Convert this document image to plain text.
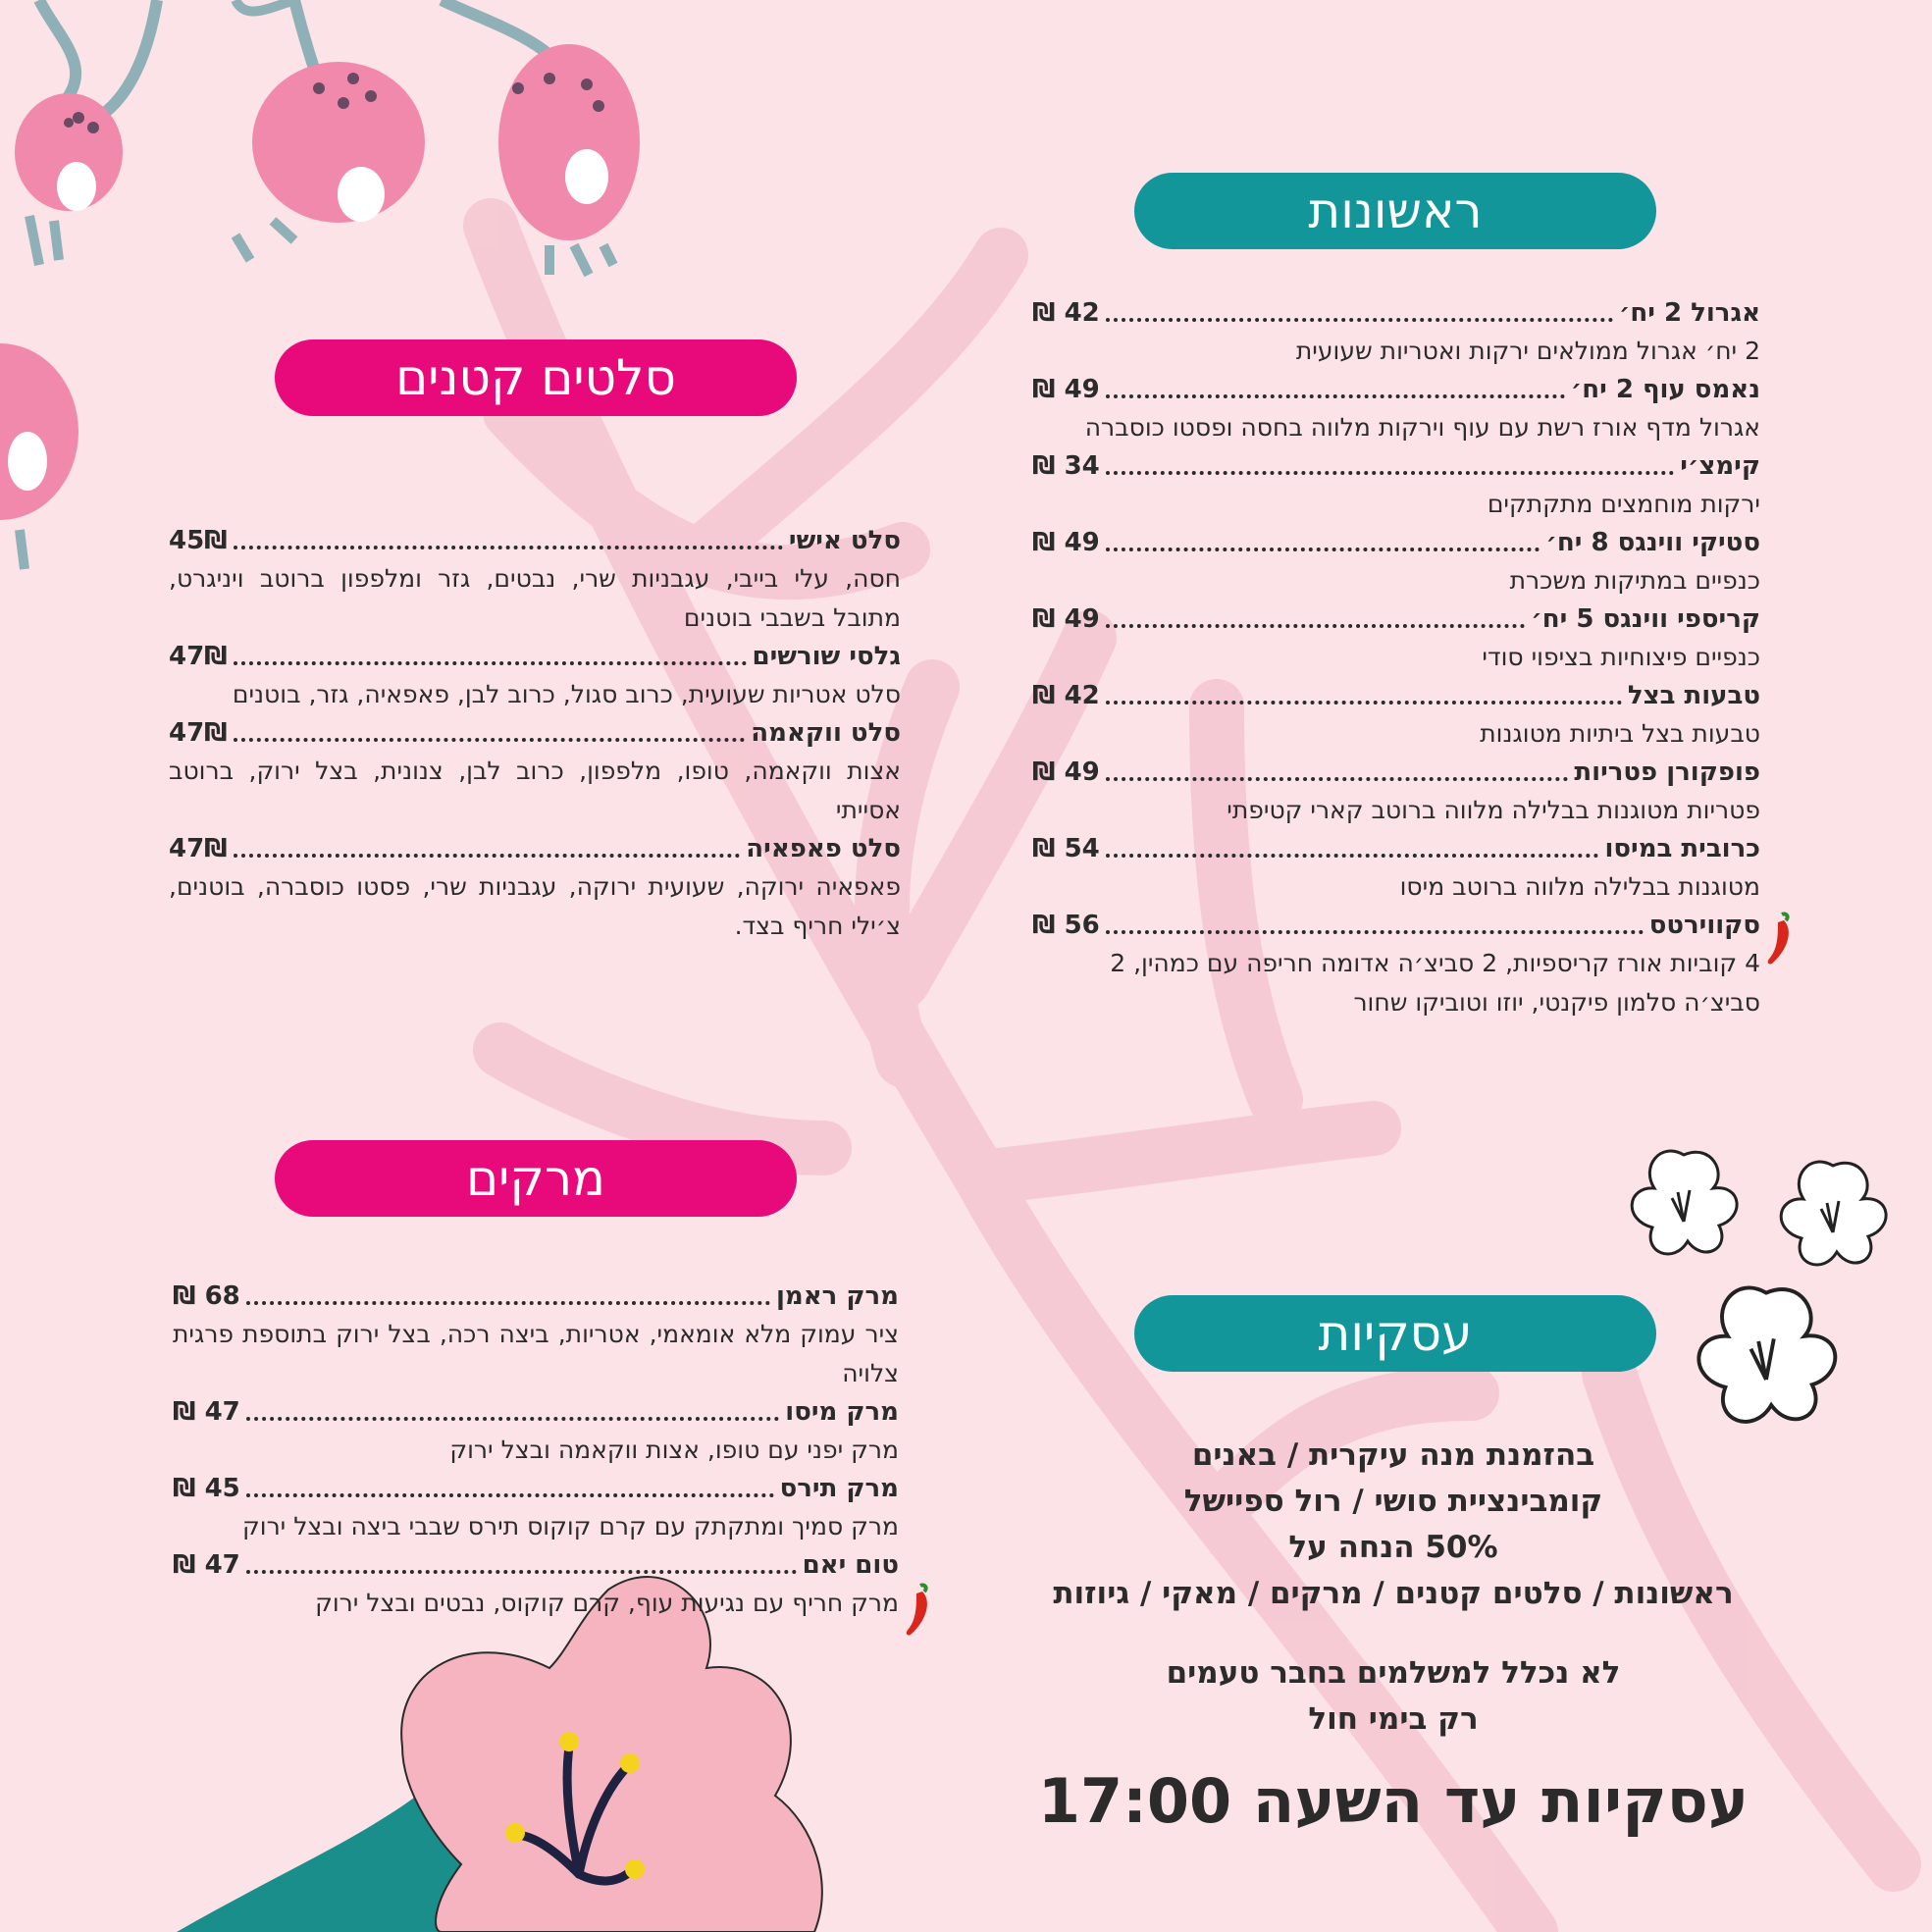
ראשונות
סלטים קטנים
מרקים
עסקיות
אגרול 2 יח׳
42 ₪
2 יח׳ אגרול ממולאים ירקות ואטריות שעועית
נאמס עוף 2 יח׳
49 ₪
אגרול מדף אורז רשת עם עוף וירקות מלווה בחסה ופסטו כוסברה
קימצ׳י
34 ₪
ירקות מוחמצים מתקתקים
סטיקי ווינגס 8 יח׳
49 ₪
כנפיים במתיקות משכרת
קריספי ווינגס 5 יח׳
49 ₪
כנפיים פיצוחיות בציפוי סודי
טבעות בצל
42 ₪
טבעות בצל ביתיות מטוגנות
פופקורן פטריות
49 ₪
פטריות מטוגנות בבלילה מלווה ברוטב קארי קטיפתי
כרובית במיסו
54 ₪
מטוגנות בבלילה מלווה ברוטב מיסו
סקווירטס
56 ₪
4 קוביות אורז קריספיות, 2 סביצ׳ה אדומה חריפה עם כמהין, 2 סביצ׳ה סלמון פיקנטי, יוזו וטוביקו שחור
סלט אישי
45₪
חסה, עלי בייבי, עגבניות שרי, נבטים, גזר ומלפפון ברוטב ויניגרט, מתובל בשבבי בוטנים
גלסי שורשים
47₪
סלט אטריות שעועית, כרוב סגול, כרוב לבן, פאפאיה, גזר, בוטנים
סלט ווקאמה
47₪
אצות ווקאמה, טופו, מלפפון, כרוב לבן, צנונית, בצל ירוק, ברוטב אסייתי
סלט פאפאיה
47₪
פאפאיה ירוקה, שעועית ירוקה, עגבניות שרי, פסטו כוסברה, בוטנים, צ׳ילי חריף בצד.
מרק ראמן
68 ₪
ציר עמוק מלא אומאמי, אטריות, ביצה רכה, בצל ירוק בתוספת פרגית צלויה
מרק מיסו
47 ₪
מרק יפני עם טופו, אצות ווקאמה ובצל ירוק
מרק תירס
45 ₪
מרק סמיך ומתקתק עם קרם קוקוס תירס שבבי ביצה ובצל ירוק
טום יאם
47 ₪
מרק חריף עם נגיעות עוף, קרם קוקוס, נבטים ובצל ירוק
בהזמנת מנה עיקרית / באנים
קומבינציית סושי / רול ספיישל
50% הנחה על
ראשונות / סלטים קטנים / מרקים / מאקי / גיוזות
לא נכלל למשלמים בחבר טעמים
רק בימי חול
עסקיות עד השעה 17:00
